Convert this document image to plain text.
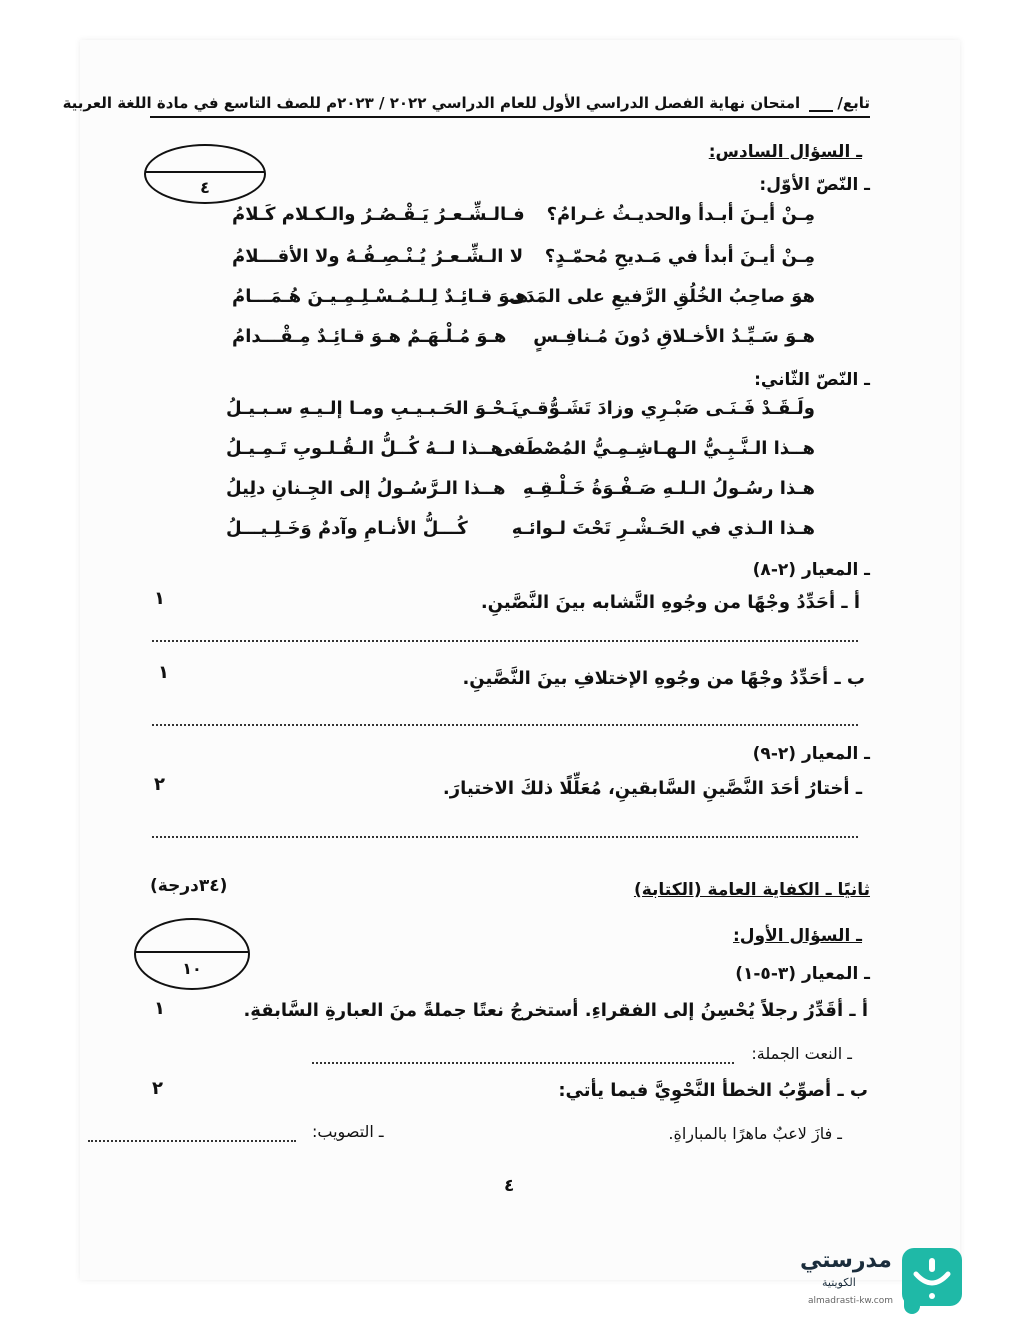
تابع/ امتحان نهاية الفصل الدراسي الأول للعام الدراسي ٢٠٢٢ / ٢٠٢٣م للصف التاسع في مادة اللغة العربية
ـ السؤال السادس:
٤	ـ النّصّ الأوّل:
مِـنْ أيـنَ أبـدأ والحديـثُ غـرامُ؟
فـالـشِّـعـرُ يَـقْـصُـرُ والـكـلام كَـلامُ
مِـنْ أيـنَ أبدأ في مَـديحِ مُحمّـدٍ؟
لا الـشِّـعـرُ يُـنْـصِـفُـهُ ولا الأقـــلامُ
هوَ صاحِبُ الخُلُقِ الرَّفيعِ على المَدَى
هـوَ قـائِـدٌ لِـلـمُـسْـلِـمِـيـنَ هُـمَـــامُ
هـوَ سَـيِّـدُ الأخـلاقِ دُونَ مُـنافِـسٍ
هـوَ مُـلْـهَـمٌ هـوَ قـائِـدٌ مِـقْـــدامُ
ـ النّصّ الثّاني:
ولَـقَـدْ فَـنَـى صَبْـرِي وزادَ تَشَـوُّقـي
نَـحْـوَ الحَـبـيـبِ ومـا إلـيـهِ سـبـيـلُ
هــذا الـنَّـبِـيُّ الـهـاشِـمِـيُّ المُصْطَفى
هــذا لــهُ كُــلُّ الـقُـلـوبِ تَـمِـيـلُ
هـذا رسُـولُ الـلـهِ صَـفْـوَةُ خَـلْـقِـهِ
هــذا الـرَّسُـولُ إلى الجِـنانِ دلِيلُ
هـذا الـذي في الحَـشْـرِ تَحْتَ لـوائـهِ
كُـــلُّ الأنـامِ وآدمٌ وَخَـلِـيـــلُ
ـ المعيار (٢-٨)
أ ـ أحَدِّدُ وجْهًا من وجُوهِ التَّشابه بينَ النَّصَّينِ.
١
ب ـ أحَدِّدُ وجْهًا من وجُوهِ الإختلافِ بينَ النَّصَّينِ.
١
ـ المعيار (٢-٩)
ـ أختارُ أحَدَ النَّصَّينِ السَّابقينِ، مُعَلِّلًا ذلكَ الاختيارَ.
٢
ثانيًا ـ الكفاية العامة (الكتابة)
(٣٤درجة)
ـ السؤال الأول:
١٠	ـ المعيار (٣-٥-١)
أ ـ أقَدِّرُ رجلاً يُحْسِنُ إلى الفقراءِ. أستخرجُ نعتًا جملةً منَ العبارةِ السَّابقةِ.
١
ـ النعت الجملة:
ب ـ أصوِّبُ الخطأ النَّحْوِيَّ فيما يأتي:
٢
ـ فازَ لاعبٌ ماهرًا بالمباراةِ.
ـ التصويب:
٤
مدرستي
الكويتية
almadrasti-kw.com
